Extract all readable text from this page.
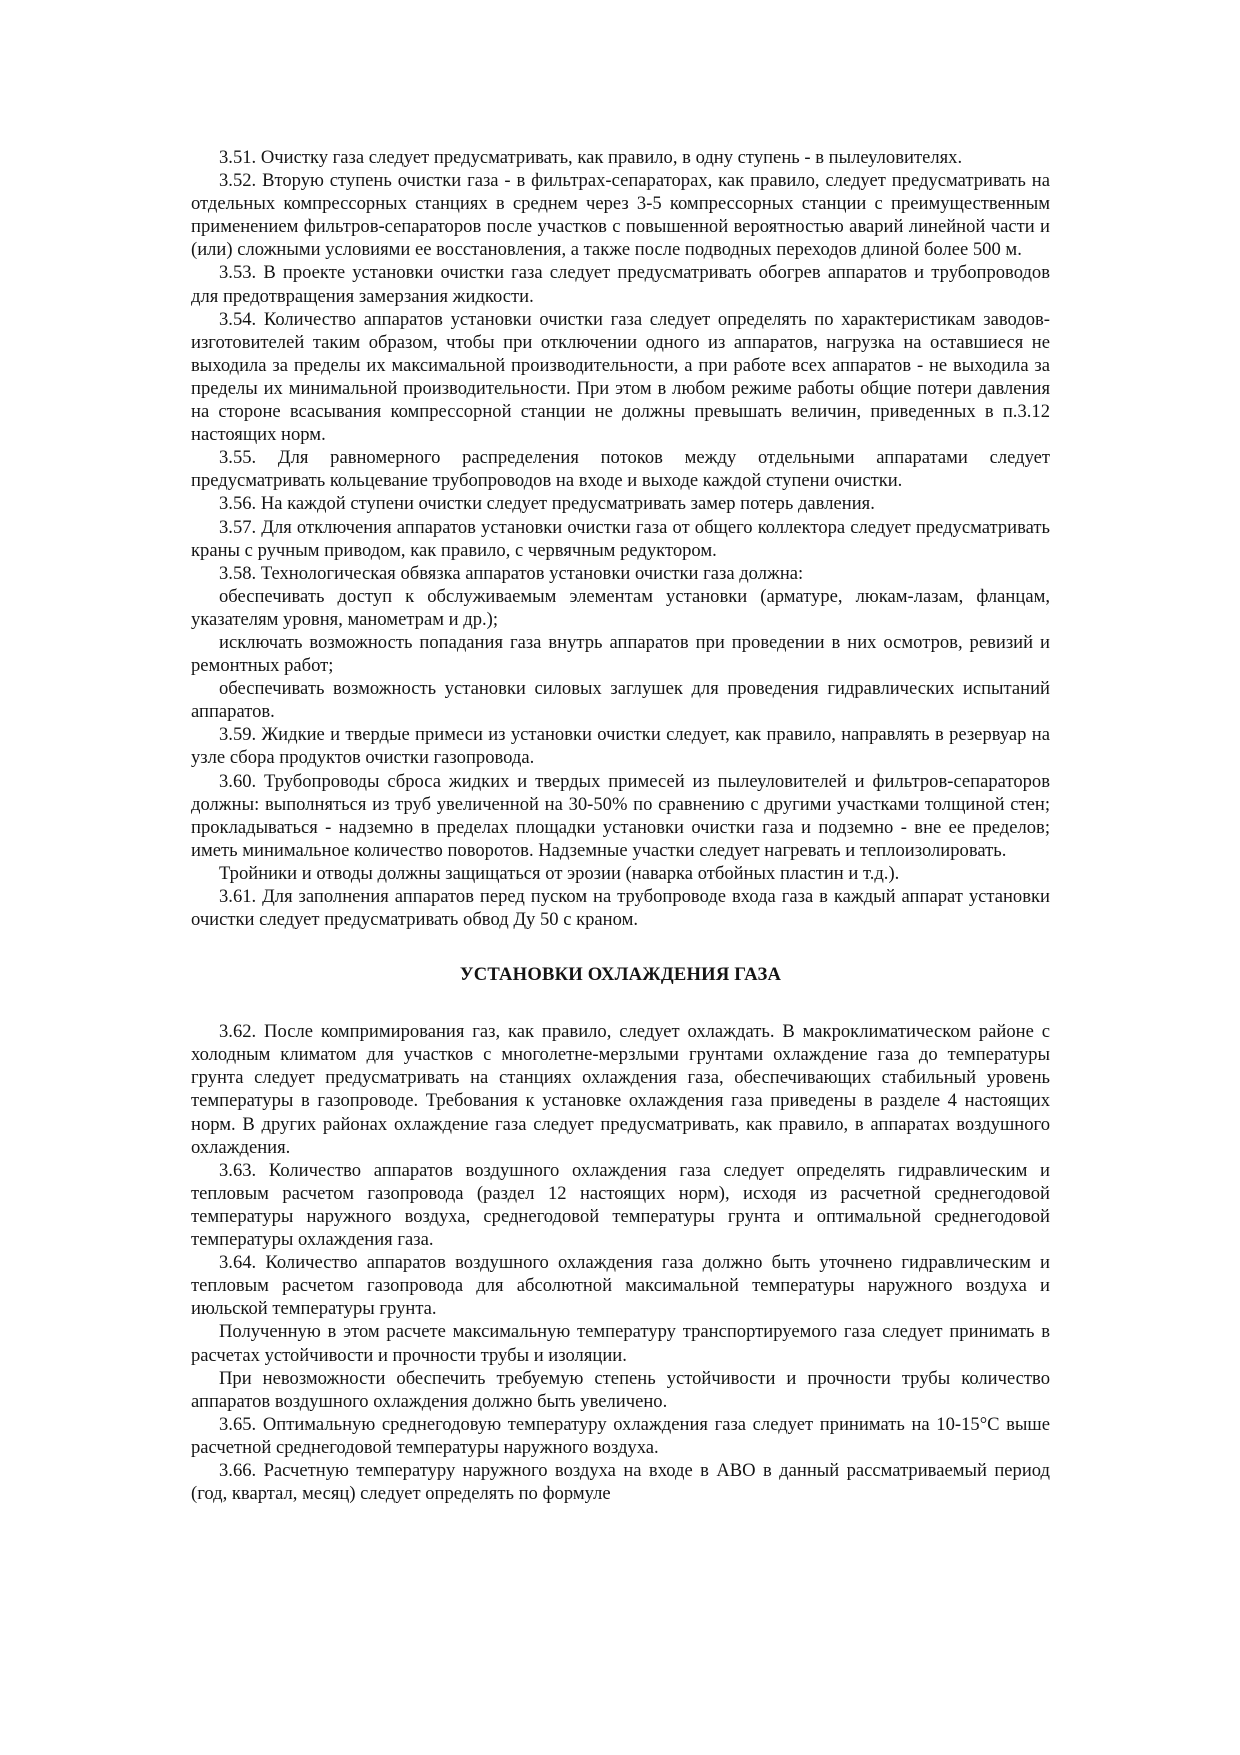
3.51. Очистку газа следует предусматривать, как правило, в одну ступень - в пылеуловителях.

3.52. Вторую ступень очистки газа - в фильтрах-сепараторах, как правило, следует предусматривать на отдельных компрессорных станциях в среднем через 3-5 компрессорных станции с преимущественным применением фильтров-сепараторов после участков с повышенной вероятностью аварий линейной части и (или) сложными условиями ее восстановления, а также после подводных переходов длиной более 500 м.

3.53. В проекте установки очистки газа следует предусматривать обогрев аппаратов и трубопроводов для предотвращения замерзания жидкости.

3.54. Количество аппаратов установки очистки газа следует определять по характеристикам заводов-изготовителей таким образом, чтобы при отключении одного из аппаратов, нагрузка на оставшиеся не выходила за пределы их максимальной производительности, а при работе всех аппаратов - не выходила за пределы их минимальной производительности. При этом в любом режиме работы общие потери давления на стороне всасывания компрессорной станции не должны превышать величин, приведенных в п.3.12 настоящих норм.

3.55. Для равномерного распределения потоков между отдельными аппаратами следует предусматривать кольцевание трубопроводов на входе и выходе каждой ступени очистки.

3.56. На каждой ступени очистки следует предусматривать замер потерь давления.

3.57. Для отключения аппаратов установки очистки газа от общего коллектора следует предусматривать краны с ручным приводом, как правило, с червячным редуктором.

3.58. Технологическая обвязка аппаратов установки очистки газа должна:

обеспечивать доступ к обслуживаемым элементам установки (арматуре, люкам-лазам, фланцам, указателям уровня, манометрам и др.);

исключать возможность попадания газа внутрь аппаратов при проведении в них осмотров, ревизий и ремонтных работ;

обеспечивать возможность установки силовых заглушек для проведения гидравлических испытаний аппаратов.

3.59. Жидкие и твердые примеси из установки очистки следует, как правило, направлять в резервуар на узле сбора продуктов очистки газопровода.

3.60. Трубопроводы сброса жидких и твердых примесей из пылеуловителей и фильтров-сепараторов должны: выполняться из труб увеличенной на 30-50% по сравнению с другими участками толщиной стен; прокладываться - надземно в пределах площадки установки очистки газа и подземно - вне ее пределов; иметь минимальное количество поворотов. Надземные участки следует нагревать и теплоизолировать.

Тройники и отводы должны защищаться от эрозии (наварка отбойных пластин и т.д.).

3.61. Для заполнения аппаратов перед пуском на трубопроводе входа газа в каждый аппарат установки очистки следует предусматривать обвод Ду 50 с краном.

УСТАНОВКИ ОХЛАЖДЕНИЯ ГАЗА

3.62. После компримирования газ, как правило, следует охлаждать. В макроклиматическом районе с холодным климатом для участков с многолетне-мерзлыми грунтами охлаждение газа до температуры грунта следует предусматривать на станциях охлаждения газа, обеспечивающих стабильный уровень температуры в газопроводе. Требования к установке охлаждения газа приведены в разделе 4 настоящих норм. В других районах охлаждение газа следует предусматривать, как правило, в аппаратах воздушного охлаждения.

3.63. Количество аппаратов воздушного охлаждения газа следует определять гидравлическим и тепловым расчетом газопровода (раздел 12 настоящих норм), исходя из расчетной среднегодовой температуры наружного воздуха, среднегодовой температуры грунта и оптимальной среднегодовой температуры охлаждения газа.

3.64. Количество аппаратов воздушного охлаждения газа должно быть уточнено гидравлическим и тепловым расчетом газопровода для абсолютной максимальной температуры наружного воздуха и июльской температуры грунта.

Полученную в этом расчете максимальную температуру транспортируемого газа следует принимать в расчетах устойчивости и прочности трубы и изоляции.

При невозможности обеспечить требуемую степень устойчивости и прочности трубы количество аппаратов воздушного охлаждения должно быть увеличено.

3.65. Оптимальную среднегодовую температуру охлаждения газа следует принимать на 10-15°С выше расчетной среднегодовой температуры наружного воздуха.

3.66. Расчетную температуру наружного воздуха на входе в АВО в данный рассматриваемый период (год, квартал, месяц) следует определять по формуле
